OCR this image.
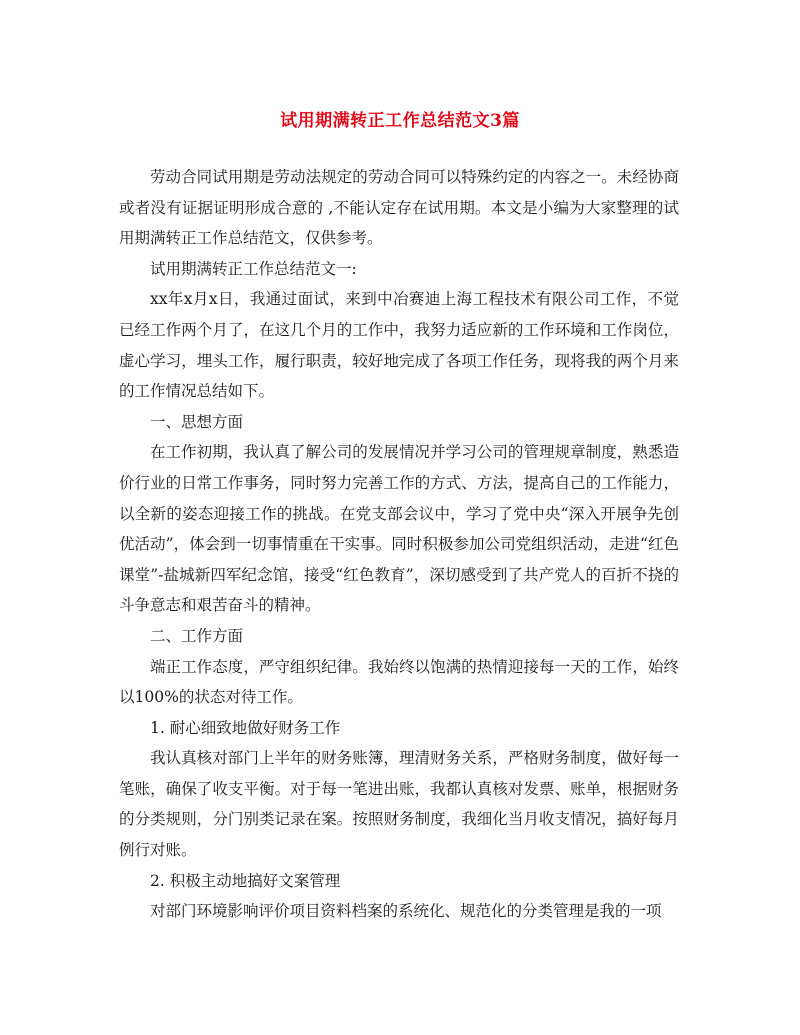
试用期满转正工作总结范文3篇

劳动合同试用期是劳动法规定的劳动合同可以特殊约定的内容之一。未经协商或者没有证据证明形成合意的 ,不能认定存在试用期。本文是小编为大家整理的试用期满转正工作总结范文，仅供参考。

试用期满转正工作总结范文一:

xx年x月x日，我通过面试，来到中冶赛迪上海工程技术有限公司工作，不觉已经工作两个月了，在这几个月的工作中，我努力适应新的工作环境和工作岗位，虚心学习，埋头工作，履行职责，较好地完成了各项工作任务，现将我的两个月来的工作情况总结如下。

一、思想方面

在工作初期，我认真了解公司的发展情况并学习公司的管理规章制度，熟悉造价行业的日常工作事务，同时努力完善工作的方式、方法，提高自己的工作能力，以全新的姿态迎接工作的挑战。在党支部会议中，学习了党中央“深入开展争先创优活动”，体会到一切事情重在干实事。同时积极参加公司党组织活动，走进“红色课堂”-盐城新四军纪念馆，接受“红色教育”，深切感受到了共产党人的百折不挠的斗争意志和艰苦奋斗的精神。

二、工作方面

端正工作态度，严守组织纪律。我始终以饱满的热情迎接每一天的工作，始终以100%的状态对待工作。

1. 耐心细致地做好财务工作

我认真核对部门上半年的财务账簿，理清财务关系，严格财务制度，做好每一笔账，确保了收支平衡。对于每一笔进出账，我都认真核对发票、账单，根据财务的分类规则，分门别类记录在案。按照财务制度，我细化当月收支情况，搞好每月例行对账。

2. 积极主动地搞好文案管理

对部门环境影响评价项目资料档案的系统化、规范化的分类管理是我的一项
